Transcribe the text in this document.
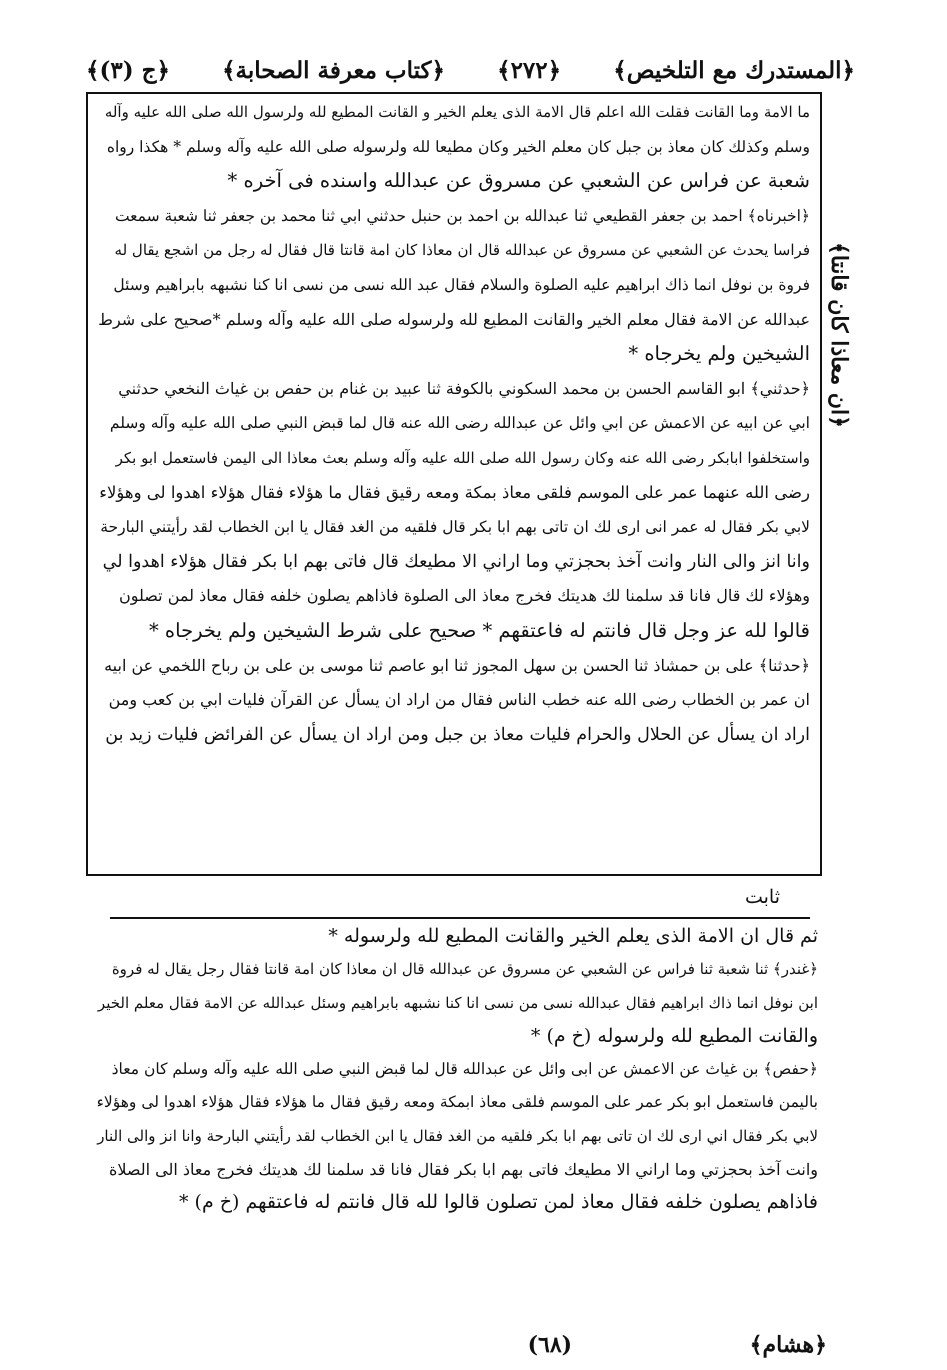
﴿المستدرك مع التلخيص﴾
﴿٢٧٢﴾
﴿كتاب معرفة الصحابة﴾
﴿ج (٣)﴾
﴿ان معاذا كان قانتا﴾
ما الامة وما القانت فقلت الله اعلم قال الامة الذى يعلم الخير و القانت المطيع لله ولرسول الله صلى الله عليه وآله
وسلم وكذلك كان معاذ بن جبل كان معلم الخير وكان مطيعا لله ولرسوله صلى الله عليه وآله وسلم * هكذا رواه
شعبة عن فراس عن الشعبي عن مسروق عن عبدالله واسنده فى آخره *
﴿اخبرناه﴾ احمد بن جعفر القطيعي ثنا عبدالله بن احمد بن حنبل حدثني ابي ثنا محمد بن جعفر ثنا شعبة سمعت
فراسا يحدث عن الشعبي عن مسروق عن عبدالله قال ان معاذا كان امة قانتا قال فقال له رجل من اشجع يقال له
فروة بن نوفل انما ذاك ابراهيم عليه الصلوة والسلام فقال عبد الله نسى من نسى انا كنا نشبهه بابراهيم وسئل
عبدالله عن الامة فقال معلم الخير والقانت المطيع لله ولرسوله صلى الله عليه وآله وسلم *صحيح على شرط
الشيخين ولم يخرجاه *
﴿حدثني﴾ ابو القاسم الحسن بن محمد السكوني بالكوفة ثنا عبيد بن غنام بن حفص بن غياث النخعي حدثني
ابي عن ابيه عن الاعمش عن ابي وائل عن عبدالله رضى الله عنه قال لما قبض النبي صلى الله عليه وآله وسلم
واستخلفوا ابابكر رضى الله عنه وكان رسول الله صلى الله عليه وآله وسلم بعث معاذا الى اليمن فاستعمل ابو بكر
رضى الله عنهما عمر على الموسم فلقى معاذ بمكة ومعه رقيق فقال ما هؤلاء فقال هؤلاء اهدوا لى وهؤلاء
لابي بكر فقال له عمر انى ارى لك ان تاتى بهم ابا بكر قال فلقيه من الغد فقال يا ابن الخطاب لقد رأيتني البارحة
وانا انز والى النار وانت آخذ بحجزتي وما اراني الا مطيعك قال فاتى بهم ابا بكر فقال هؤلاء اهدوا لي
وهؤلاء لك قال فانا قد سلمنا لك هديتك فخرج معاذ الى الصلوة فاذاهم يصلون خلفه فقال معاذ لمن تصلون
قالوا لله عز وجل قال فانتم له فاعتقهم * صحيح على شرط الشيخين ولم يخرجاه *
﴿حدثنا﴾ على بن حمشاذ ثنا الحسن بن سهل المجوز ثنا ابو عاصم ثنا موسى بن على بن رباح اللخمي عن ابيه
ان عمر بن الخطاب رضى الله عنه خطب الناس فقال من اراد ان يسأل عن القرآن فليات ابي بن كعب ومن
اراد ان يسأل عن الحلال والحرام فليات معاذ بن جبل ومن اراد ان يسأل عن الفرائض فليات زيد بن
ثابت
ثم قال ان الامة الذى يعلم الخير والقانت المطيع لله ولرسوله *
﴿غندر﴾ ثنا شعبة ثنا فراس عن الشعبي عن مسروق عن عبدالله قال ان معاذا كان امة قانتا فقال رجل يقال له فروة
ابن نوفل انما ذاك ابراهيم فقال عبدالله نسى من نسى انا كنا نشبهه بابراهيم وسئل عبدالله عن الامة فقال معلم الخير
والقانت المطيع لله ولرسوله (خ م) *
﴿حفص﴾ بن غياث عن الاعمش عن ابى وائل عن عبدالله قال لما قبض النبي صلى الله عليه وآله وسلم كان معاذ
باليمن فاستعمل ابو بكر عمر على الموسم فلقى معاذ ابمكة ومعه رقيق فقال ما هؤلاء فقال هؤلاء اهدوا لى وهؤلاء
لابي بكر فقال اني ارى لك ان تاتى بهم ابا بكر فلقيه من الغد فقال يا ابن الخطاب لقد رأيتني البارحة وانا انز والى النار
وانت آخذ بحجزتي وما اراني الا مطيعك فاتى بهم ابا بكر فقال فانا قد سلمنا لك هديتك فخرج معاذ الى الصلاة
فاذاهم يصلون خلفه فقال معاذ لمن تصلون قالوا لله قال فانتم له فاعتقهم (خ م) *
﴿هشام﴾
(٦٨)
